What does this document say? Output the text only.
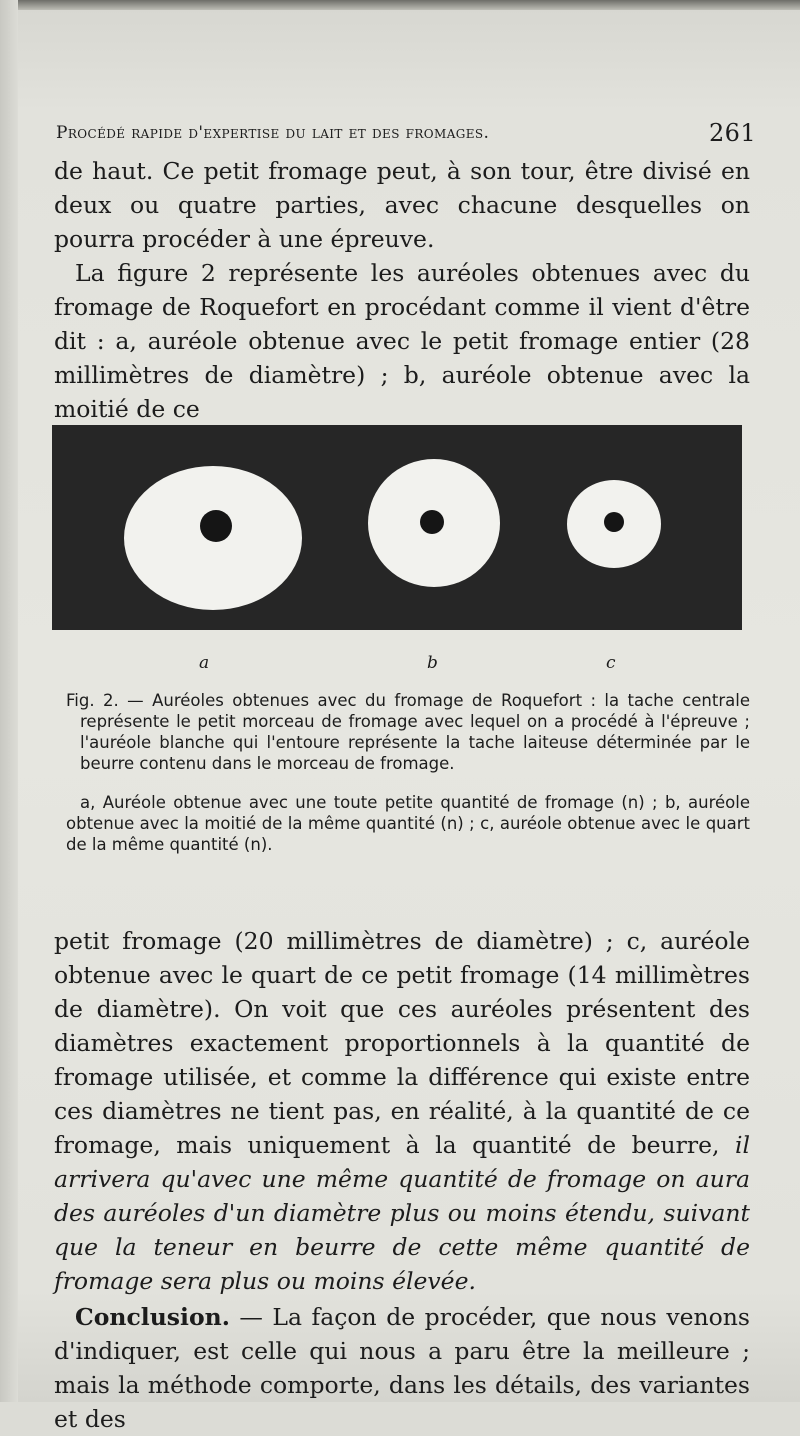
Procédé rapide d'expertise du lait et des fromages.	261

de haut. Ce petit fromage peut, à son tour, être divisé en deux ou quatre parties, avec chacune desquelles on pourra procéder à une épreuve.

La figure 2 représente les auréoles obtenues avec du fromage de Roquefort en procédant comme il vient d'être dit : a, auréole obtenue avec le petit fromage entier (28 millimètres de diamètre) ; b, auréole obtenue avec la moitié de ce

a	b	c

Fig. 2. — Auréoles obtenues avec du fromage de Roquefort : la tache centrale représente le petit morceau de fromage avec lequel on a procédé à l'épreuve ; l'auréole blanche qui l'entoure représente la tache laiteuse déterminée par le beurre contenu dans le morceau de fromage.

a, Auréole obtenue avec une toute petite quantité de fromage (n) ; b, auréole obtenue avec la moitié de la même quantité (n) ; c, auréole obtenue avec le quart de la même quantité (n).

petit fromage (20 millimètres de diamètre) ; c, auréole obtenue avec le quart de ce petit fromage (14 millimètres de diamètre). On voit que ces auréoles présentent des diamètres exactement proportionnels à la quantité de fromage utilisée, et comme la différence qui existe entre ces diamètres ne tient pas, en réalité, à la quantité de ce fromage, mais uniquement à la quantité de beurre, il arrivera qu'avec une même quantité de fromage on aura des auréoles d'un diamètre plus ou moins étendu, suivant que la teneur en beurre de cette même quantité de fromage sera plus ou moins élevée.

Conclusion. — La façon de procéder, que nous venons d'indiquer, est celle qui nous a paru être la meilleure ; mais la méthode comporte, dans les détails, des variantes et des
